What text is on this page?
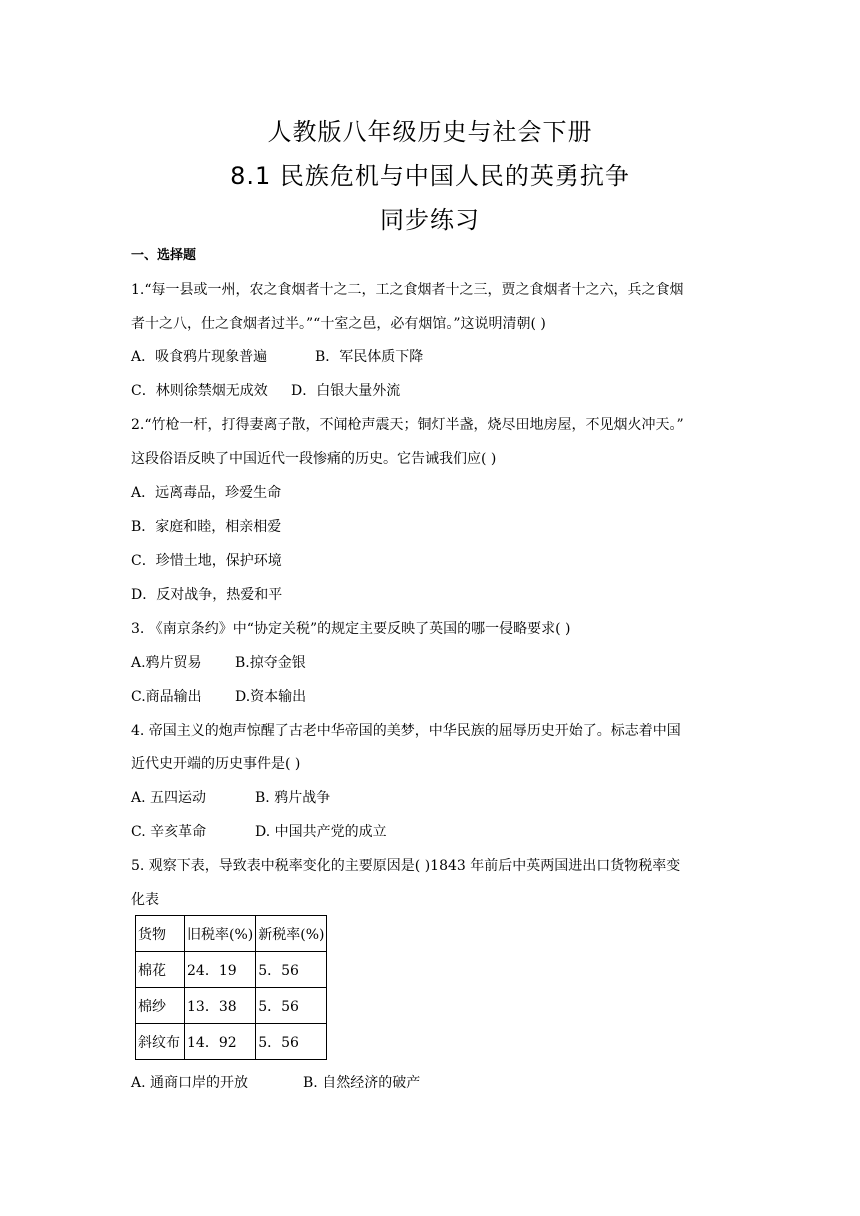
人教版八年级历史与社会下册
8.1 民族危机与中国人民的英勇抗争
同步练习
一、选择题
1.“每一县或一州，农之食烟者十之二，工之食烟者十之三，贾之食烟者十之六，兵之食烟
者十之八，仕之食烟者过半。”“十室之邑，必有烟馆。”这说明清朝( )
A．吸食鸦片现象普遍	B．军民体质下降
C．林则徐禁烟无成效 D．白银大量外流
2.“竹枪一杆，打得妻离子散，不闻枪声震天；铜灯半盏，烧尽田地房屋，不见烟火冲天。”
这段俗语反映了中国近代一段惨痛的历史。它告诫我们应( )
A．远离毒品，珍爱生命
B．家庭和睦，相亲相爱
C．珍惜土地，保护环境
D．反对战争，热爱和平
3. 《南京条约》中“协定关税”的规定主要反映了英国的哪一侵略要求( )
A.鸦片贸易 B.掠夺金银
C.商品输出 D.资本输出
4. 帝国主义的炮声惊醒了古老中华帝国的美梦，中华民族的屈辱历史开始了。标志着中国
近代史开端的历史事件是( )
A. 五四运动	B. 鸦片战争
C. 辛亥革命	D. 中国共产党的成立
5. 观察下表，导致表中税率变化的主要原因是( )1843 年前后中英两国进出口货物税率变
化表
货物	旧税率(%)	新税率(%)
棉花	24．19	5．56
棉纱	13．38	5．56
斜纹布	14．92	5．56
A. 通商口岸的开放	B. 自然经济的破产
